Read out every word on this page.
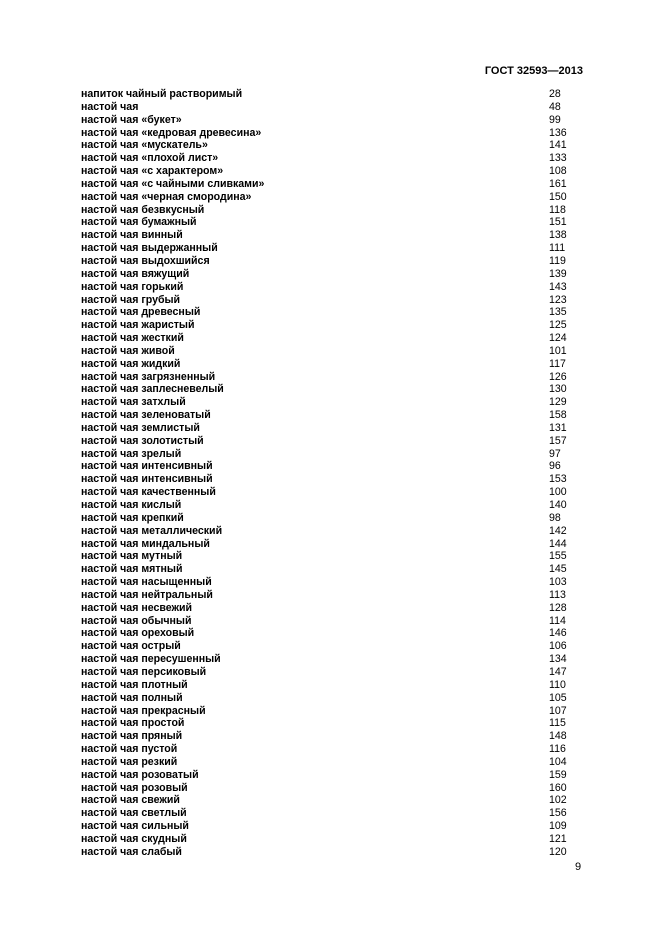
ГОСТ 32593—2013
напиток чайный растворимый	28
настой чая	48
настой чая «букет»	99
настой чая «кедровая древесина»	136
настой чая «мускатель»	141
настой чая «плохой лист»	133
настой чая «с характером»	108
настой чая «с чайными сливками»	161
настой чая «черная смородина»	150
настой чая безвкусный	118
настой чая бумажный	151
настой чая винный	138
настой чая выдержанный	111
настой чая выдохшийся	119
настой чая вяжущий	139
настой чая горький	143
настой чая грубый	123
настой чая древесный	135
настой чая жаристый	125
настой чая жесткий	124
настой чая живой	101
настой чая жидкий	117
настой чая загрязненный	126
настой чая заплесневелый	130
настой чая затхлый	129
настой чая зеленоватый	158
настой чая землистый	131
настой чая золотистый	157
настой чая зрелый	97
настой чая интенсивный	96
настой чая интенсивный	153
настой чая качественный	100
настой чая кислый	140
настой чая крепкий	98
настой чая металлический	142
настой чая миндальный	144
настой чая мутный	155
настой чая мятный	145
настой чая насыщенный	103
настой чая нейтральный	113
настой чая несвежий	128
настой чая обычный	114
настой чая ореховый	146
настой чая острый	106
настой чая пересушенный	134
настой чая персиковый	147
настой чая плотный	110
настой чая полный	105
настой чая прекрасный	107
настой чая простой	115
настой чая пряный	148
настой чая пустой	116
настой чая резкий	104
настой чая розоватый	159
настой чая розовый	160
настой чая свежий	102
настой чая светлый	156
настой чая сильный	109
настой чая скудный	121
настой чая слабый	120
9
